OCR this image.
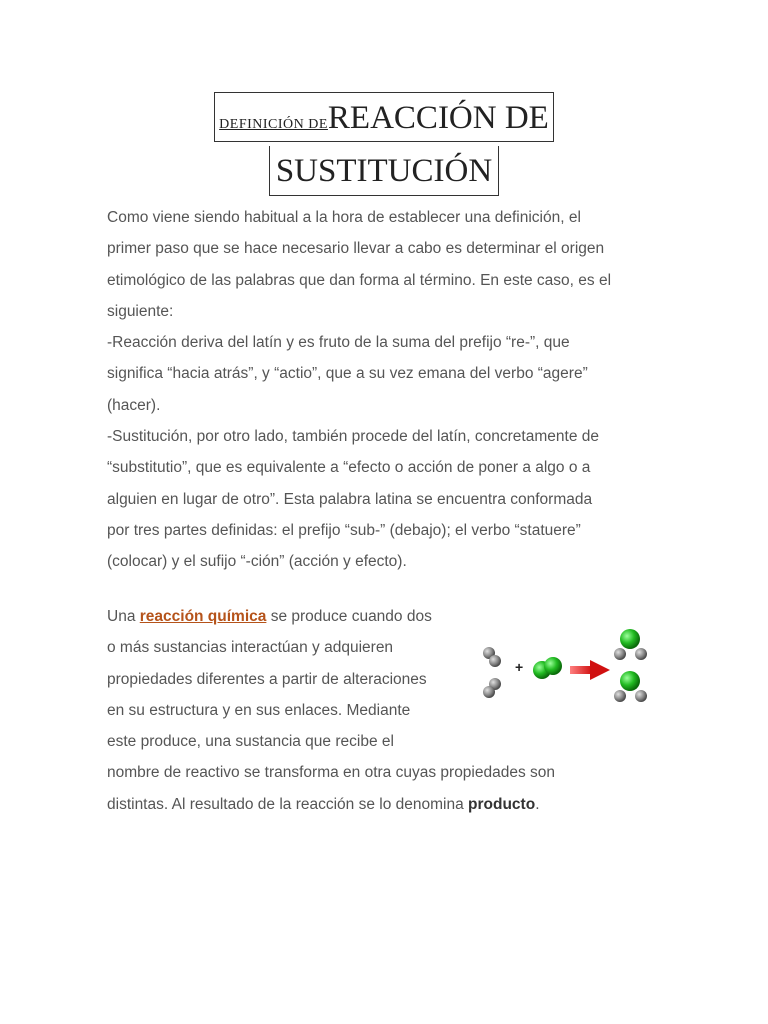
DEFINICIÓN DEREACCIÓN DE
SUSTITUCIÓN

Como viene siendo habitual a la hora de establecer una definición, el

primer paso que se hace necesario llevar a cabo es determinar el origen

etimológico de las palabras que dan forma al término. En este caso, es el

siguiente:

-Reacción deriva del latín y es fruto de la suma del prefijo “re-”, que

significa “hacia atrás”, y “actio”, que a su vez emana del verbo “agere”

(hacer).

-Sustitución, por otro lado, también procede del latín, concretamente de

“substitutio”, que es equivalente a “efecto o acción de poner a algo o a

alguien en lugar de otro”. Esta palabra latina se encuentra conformada

por tres partes definidas: el prefijo “sub-” (debajo); el verbo “statuere”

(colocar) y el sufijo “-ción” (acción y efecto).

Una reacción química se produce cuando dos

o más sustancias interactúan y adquieren

propiedades diferentes a partir de alteraciones

en su estructura y en sus enlaces. Mediante

este produce, una sustancia que recibe el

nombre de reactivo se transforma en otra cuyas propiedades son

distintas. Al resultado de la reacción se lo denomina producto.

+
